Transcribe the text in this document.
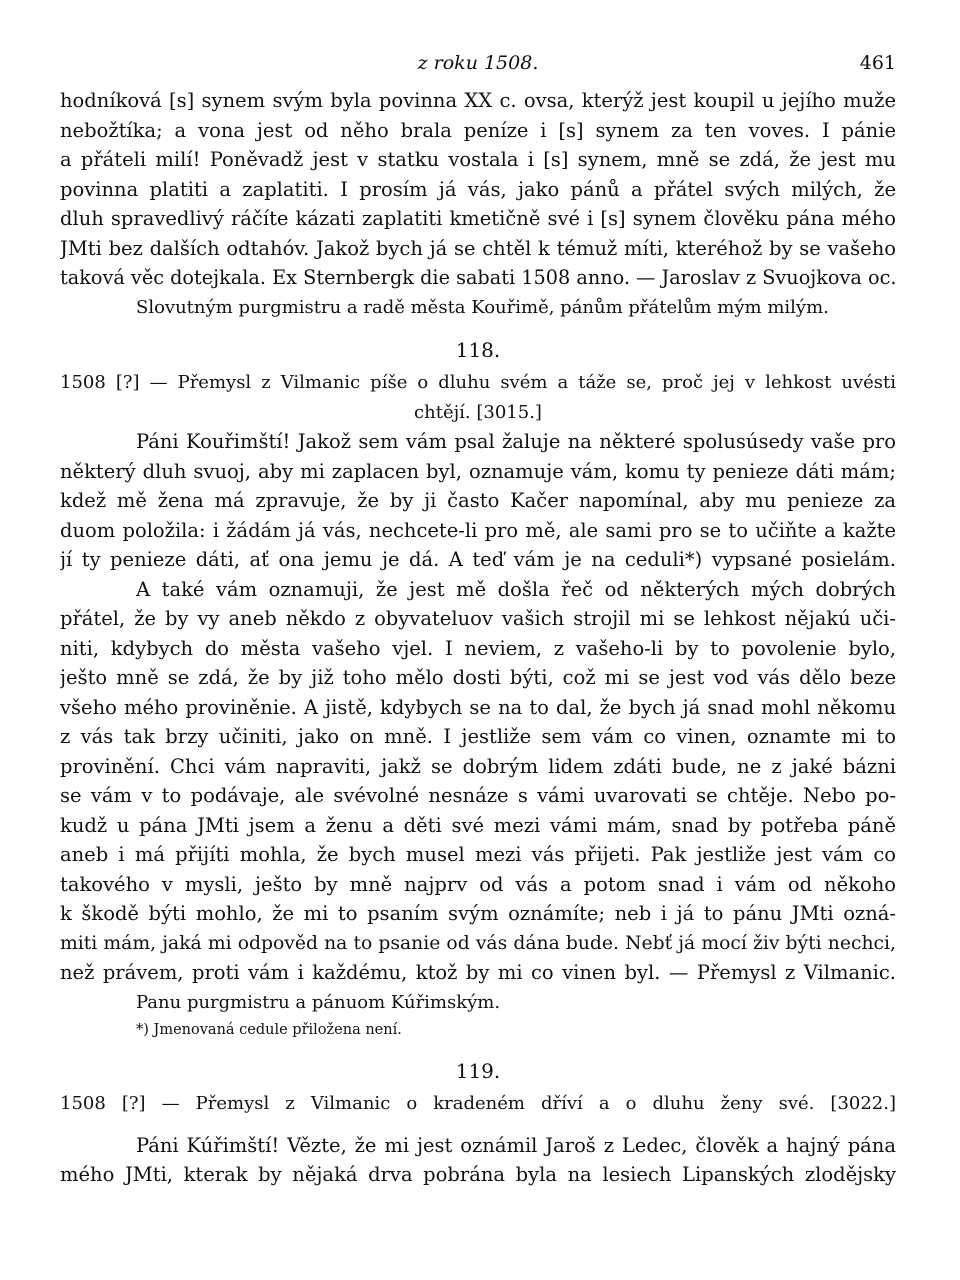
z roku 1508.	461
hodníková [s] synem svým byla povinna XX c. ovsa, kterýž jest koupil u jejího muže
nebožtíka; a vona jest od něho brala peníze i [s] synem za ten voves. I pánie
a přáteli milí! Poněvadž jest v statku vostala i [s] synem, mně se zdá, že jest mu
povinna platiti a zaplatiti. I prosím já vás, jako pánů a přátel svých milých, že
dluh spravedlivý ráčíte kázati zaplatiti kmetičně své i [s] synem člověku pána mého
JMti bez dalších odtahóv. Jakož bych já se chtěl k témuž míti, kteréhož by se vašeho
taková věc dotejkala. Ex Sternbergk die sabati 1508 anno. — Jaroslav z Svuojkova oc.
Slovutným purgmistru a radě města Kouřimě, pánům přátelům mým milým.
118.
1508 [?] — Přemysl z Vilmanic píše o dluhu svém a táže se, proč jej v lehkost uvésti
chtějí. [3015.]
Páni Kouřimští! Jakož sem vám psal žaluje na některé spolusúsedy vaše pro
některý dluh svuoj, aby mi zaplacen byl, oznamuje vám, komu ty penieze dáti mám;
kdež mě žena má zpravuje, že by ji často Kačer napomínal, aby mu penieze za
duom položila: i žádám já vás, nechcete-li pro mě, ale sami pro se to učiňte a kažte
jí ty penieze dáti, ať ona jemu je dá. A teď vám je na ceduli*) vypsané posielám.
A také vám oznamuji, že jest mě došla řeč od některých mých dobrých
přátel, že by vy aneb někdo z obyvateluov vašich strojil mi se lehkost nějakú uči-
niti, kdybych do města vašeho vjel. I neviem, z vašeho-li by to povolenie bylo,
ješto mně se zdá, že by již toho mělo dosti býti, což mi se jest vod vás dělo beze
všeho mého proviněnie. A jistě, kdybych se na to dal, že bych já snad mohl někomu
z vás tak brzy učiniti, jako on mně. I jestliže sem vám co vinen, oznamte mi to
provinění. Chci vám napraviti, jakž se dobrým lidem zdáti bude, ne z jaké bázni
se vám v to podávaje, ale svévolné nesnáze s vámi uvarovati se chtěje. Nebo po-
kudž u pána JMti jsem a ženu a děti své mezi vámi mám, snad by potřeba páně
aneb i má přijíti mohla, že bych musel mezi vás přijeti. Pak jestliže jest vám co
takového v mysli, ješto by mně najprv od vás a potom snad i vám od někoho
k škodě býti mohlo, že mi to psaním svým oznámíte; neb i já to pánu JMti ozná-
miti mám, jaká mi odpověd na to psanie od vás dána bude. Nebť já mocí živ býti nechci,
než právem, proti vám i každému, ktož by mi co vinen byl. — Přemysl z Vilmanic.
Panu purgmistru a pánuom Kúřimským.
*) Jmenovaná cedule přiložena není.
119.
1508 [?] — Přemysl z Vilmanic o kradeném dříví a o dluhu ženy své. [3022.]
Páni Kúřimští! Vězte, že mi jest oznámil Jaroš z Ledec, člověk a hajný pána
mého JMti, kterak by nějaká drva pobrána byla na lesiech Lipanských zlodějsky
